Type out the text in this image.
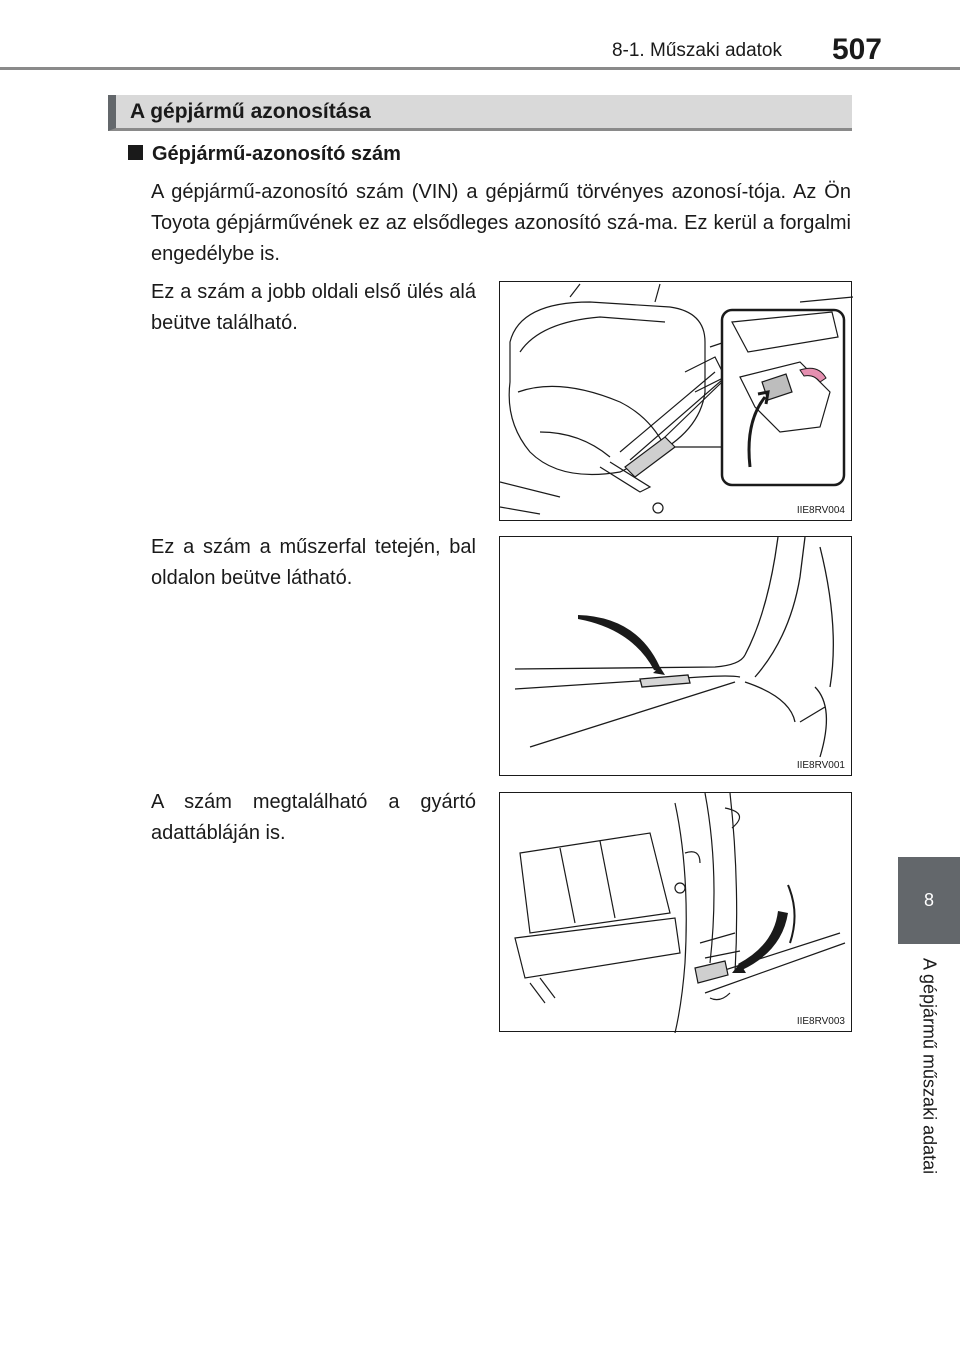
8-1. Műszaki adatok	507
8
A gépjármű műszaki adatai
A gépjármű azonosítása
Gépjármű-azonosító szám
A gépjármű-azonosító szám (VIN) a gépjármű törvényes azonosí-tója. Az Ön Toyota gépjárművének ez az elsődleges azonosító szá-ma. Ez kerül a forgalmi engedélybe is.
Ez a szám a jobb oldali első ülés alá beütve található.
IIE8RV004
Ez a szám a műszerfal tetején, bal oldalon beütve látható.
IIE8RV001
A szám megtalálható a gyártó adattábláján is.
IIE8RV003
